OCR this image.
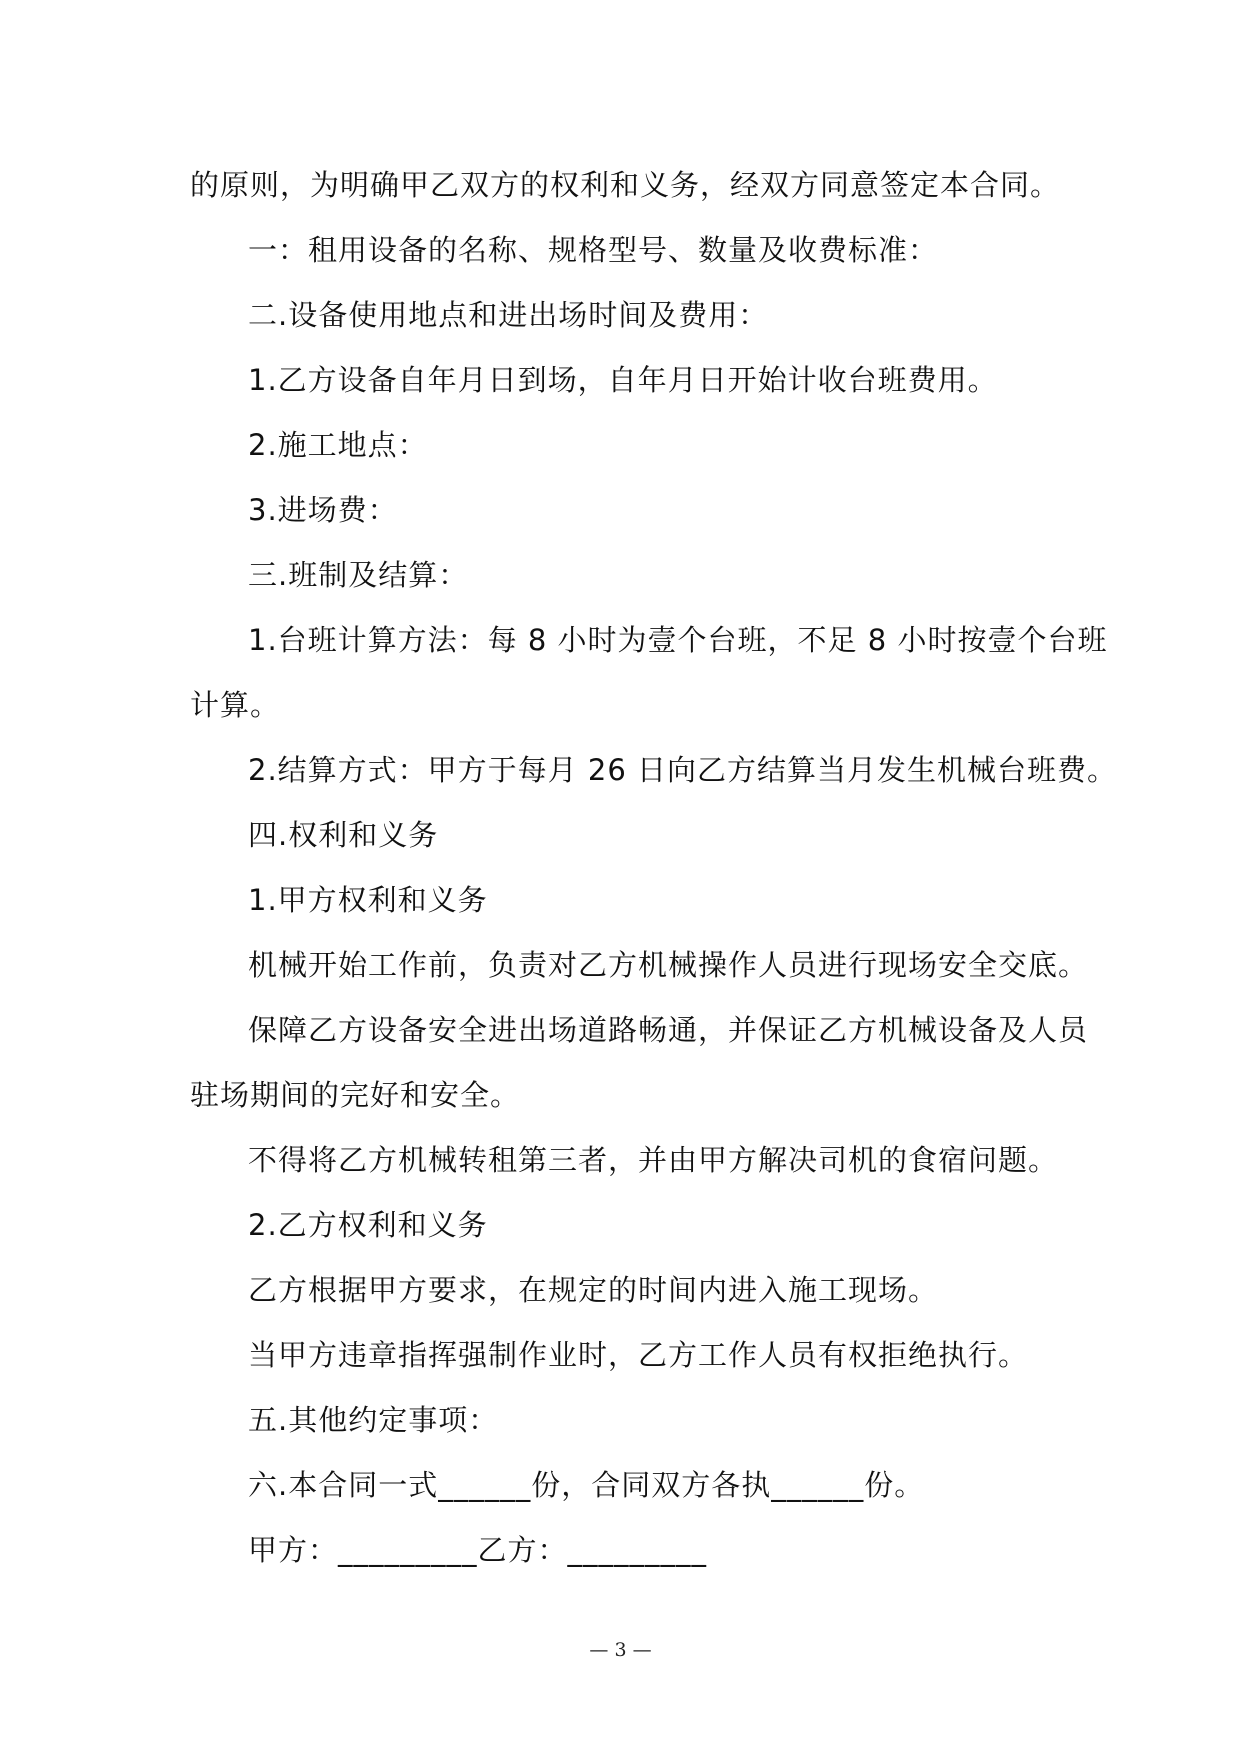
的原则，为明确甲乙双方的权利和义务，经双方同意签定本合同。
一：租用设备的名称、规格型号、数量及收费标准：
二.设备使用地点和进出场时间及费用：
1.乙方设备自年月日到场，自年月日开始计收台班费用。
2.施工地点：
3.进场费：
三.班制及结算：
1.台班计算方法：每 8 小时为壹个台班，不足 8 小时按壹个台班
计算。
2.结算方式：甲方于每月 26 日向乙方结算当月发生机械台班费。
四.权利和义务
1.甲方权利和义务
机械开始工作前，负责对乙方机械操作人员进行现场安全交底。
保障乙方设备安全进出场道路畅通，并保证乙方机械设备及人员
驻场期间的完好和安全。
不得将乙方机械转租第三者，并由甲方解决司机的食宿问题。
2.乙方权利和义务
乙方根据甲方要求，在规定的时间内进入施工现场。
当甲方违章指挥强制作业时，乙方工作人员有权拒绝执行。
五.其他约定事项：
六.本合同一式______份，合同双方各执______份。
甲方：_________乙方：_________
— 3 —
